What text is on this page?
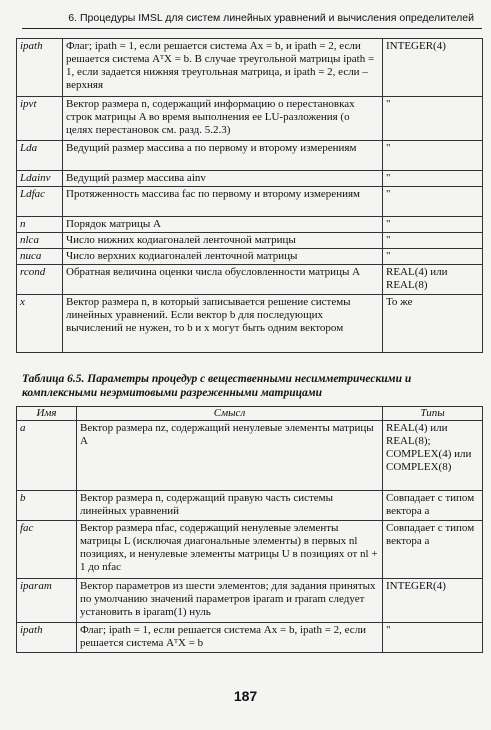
6. Процедуры IMSL для систем линейных уравнений и вычисления определителей
ipath	Флаг; ipath = 1, если решается система Ax = b, и ipath = 2, если решается система AᵀX = b. В случае треугольной матрицы ipath = 1, если задается нижняя треугольная матрица, и ipath = 2, если – верхняя	INTEGER(4)
ipvt	Вектор размера n, содержащий информацию о перестановках строк матрицы A во время выполнения ее LU-разложения (о целях перестановок см. разд. 5.2.3)	"
Lda	Ведущий размер массива a по первому и второму измерениям	"
Ldainv	Ведущий размер массива ainv	"
Ldfac	Протяженность массива fac по первому и второму измерениям	"
n	Порядок матрицы A	"
nlca	Число нижних кодиагоналей ленточной матрицы	"
nuca	Число верхних кодиагоналей ленточной матрицы	"
rcond	Обратная величина оценки числа обусловленности матрицы A	REAL(4) или REAL(8)
x	Вектор размера n, в который записывается решение системы линейных уравнений. Если вектор b для последующих вычислений не нужен, то b и x могут быть одним вектором	То же
Таблица 6.5. Параметры процедур с вещественными несимметрическими и комплексными неэрмитовыми разреженными матрицами
Имя	Смысл	Типы
a	Вектор размера nz, содержащий ненулевые элементы матрицы A	REAL(4) или REAL(8); COMPLEX(4) или COMPLEX(8)
b	Вектор размера n, содержащий правую часть системы линейных уравнений	Совпадает с типом вектора a
fac	Вектор размера nfac, содержащий ненулевые элементы матрицы L (исключая диагональные элементы) в первых nl позициях, и ненулевые элементы матрицы U в позициях от nl + 1 до nfac	Совпадает с типом вектора a
iparam	Вектор параметров из шести элементов; для задания принятых по умолчанию значений параметров iparam и rparam следует установить в iparam(1) нуль	INTEGER(4)
ipath	Флаг; ipath = 1, если решается система Ax = b, ipath = 2, если решается система AᵀX = b	"
187
